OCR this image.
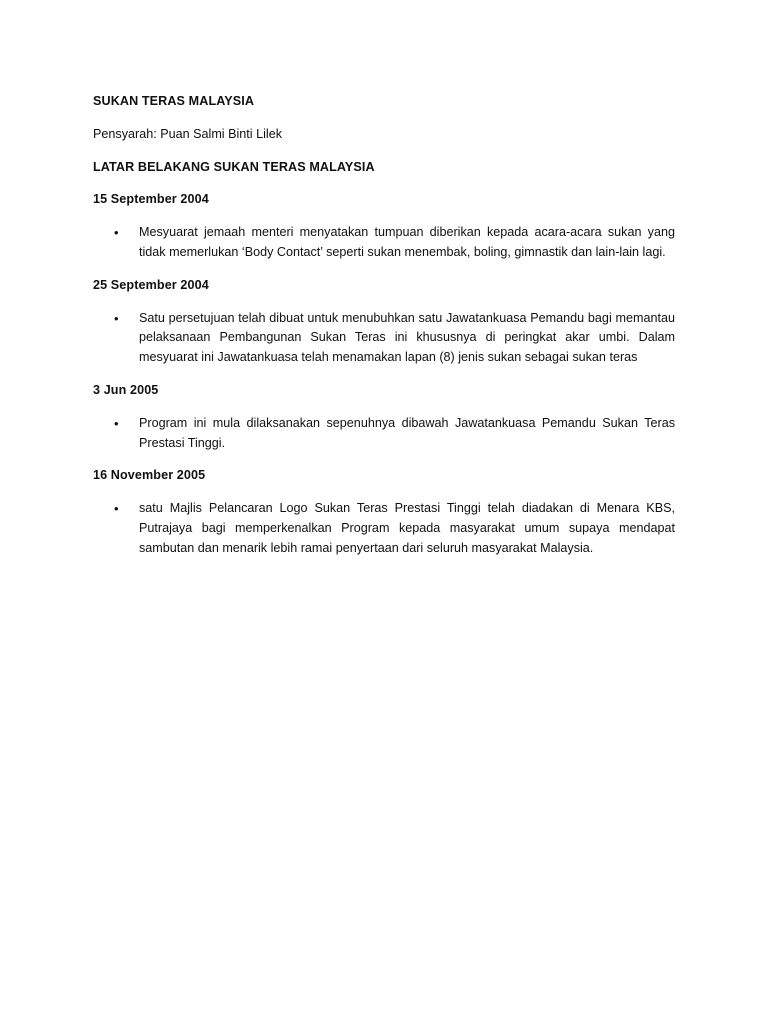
SUKAN TERAS MALAYSIA

Pensyarah: Puan Salmi Binti Lilek

LATAR BELAKANG SUKAN TERAS MALAYSIA

15 September 2004

• Mesyuarat jemaah menteri menyatakan tumpuan diberikan kepada acara-acara sukan yang tidak memerlukan ‘Body Contact’ seperti sukan menembak, boling, gimnastik dan lain-lain lagi.

25 September 2004

• Satu persetujuan telah dibuat untuk menubuhkan satu Jawatankuasa Pemandu bagi memantau pelaksanaan Pembangunan Sukan Teras ini khususnya di peringkat akar umbi. Dalam mesyuarat ini Jawatankuasa telah menamakan lapan (8) jenis sukan sebagai sukan teras

3 Jun 2005

• Program ini mula dilaksanakan sepenuhnya dibawah Jawatankuasa Pemandu Sukan Teras Prestasi Tinggi.

16 November 2005

• satu Majlis Pelancaran Logo Sukan Teras Prestasi Tinggi telah diadakan di Menara KBS, Putrajaya bagi memperkenalkan Program kepada masyarakat umum supaya mendapat sambutan dan menarik lebih ramai penyertaan dari seluruh masyarakat Malaysia.
